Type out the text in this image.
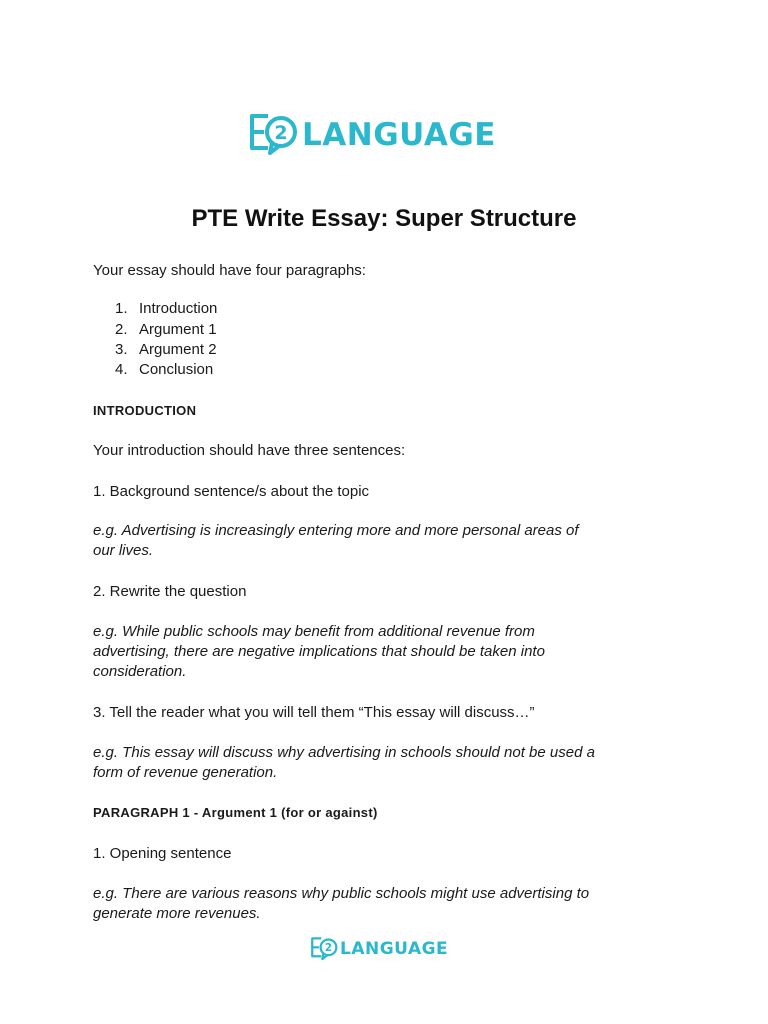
2 LANGUAGE
PTE Write Essay: Super Structure
Your essay should have four paragraphs:
1. Introduction
2. Argument 1
3. Argument 2
4. Conclusion
INTRODUCTION
Your introduction should have three sentences:
1. Background sentence/s about the topic
e.g. Advertising is increasingly entering more and more personal areas of
our lives.
2. Rewrite the question
e.g. While public schools may benefit from additional revenue from
advertising, there are negative implications that should be taken into
consideration.
3. Tell the reader what you will tell them “This essay will discuss…”
e.g. This essay will discuss why advertising in schools should not be used a
form of revenue generation.
PARAGRAPH 1 - Argument 1 (for or against)
1. Opening sentence
e.g. There are various reasons why public schools might use advertising to
generate more revenues.
2 LANGUAGE
